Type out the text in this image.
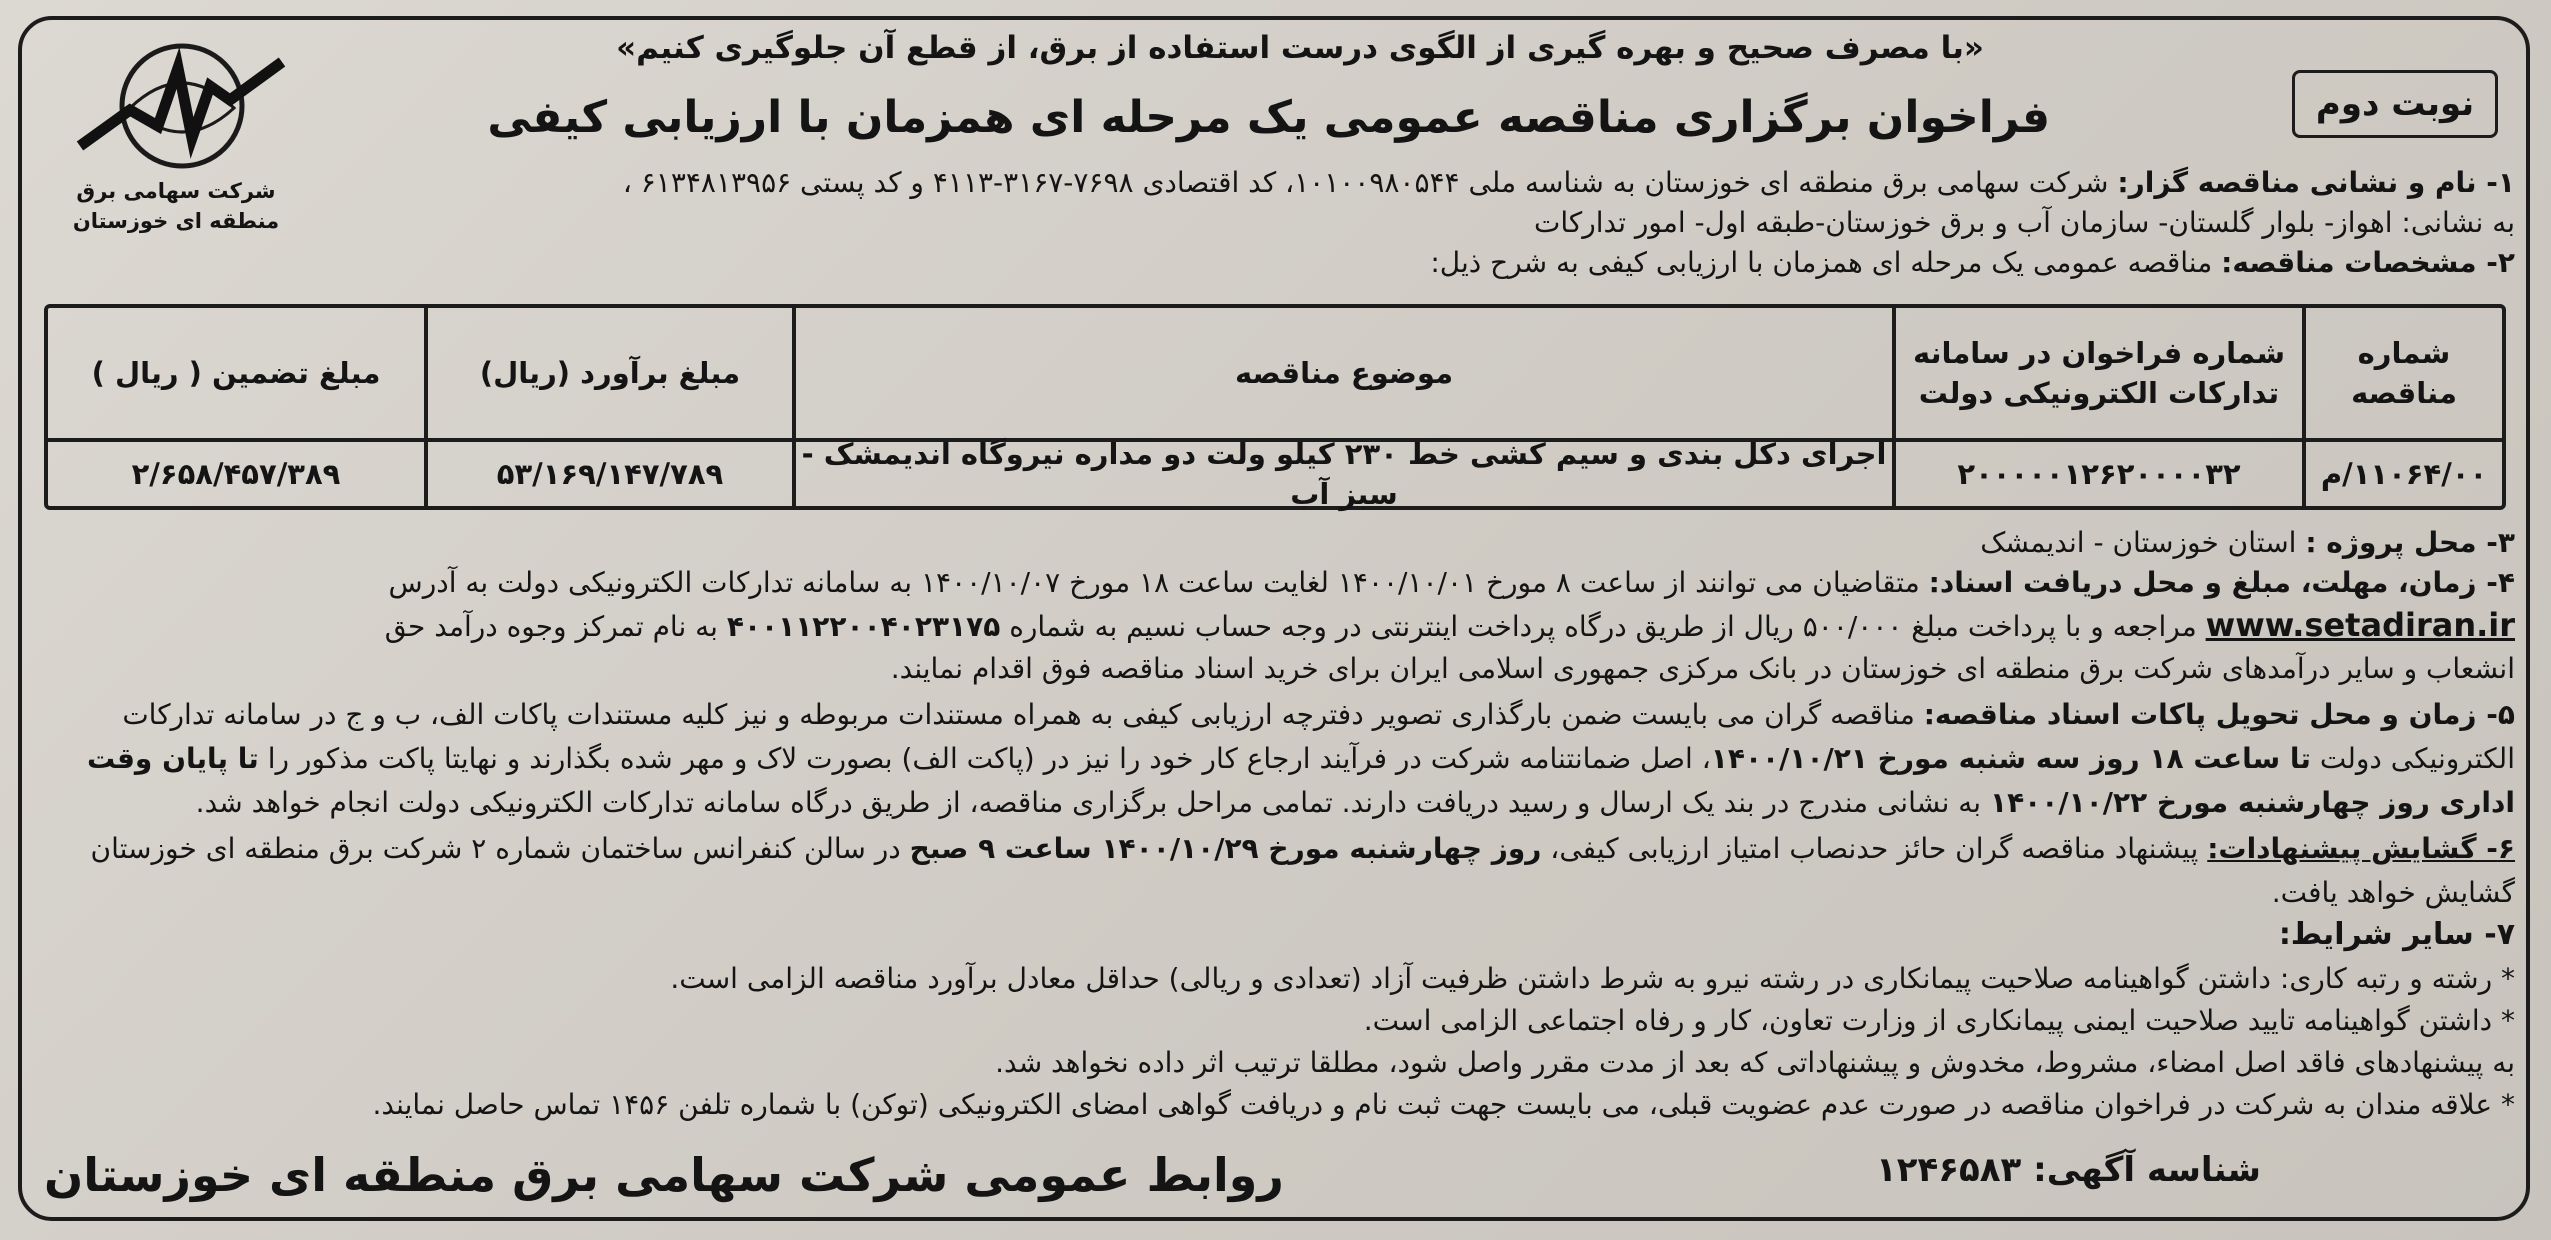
شرکت سهامی برق منطقه ای خوزستان
«با مصرف صحیح و بهره گیری از الگوی درست استفاده از برق، از قطع آن جلوگیری کنیم»
فراخوان برگزاری مناقصه عمومی یک مرحله ای همزمان با ارزیابی کیفی	نوبت دوم
۱- نام و نشانی مناقصه گزار: شرکت سهامی برق منطقه ای خوزستان به شناسه ملی ۱۰۱۰۰۹۸۰۵۴۴، کد اقتصادی ۷۶۹۸-۳۱۶۷-۴۱۱۳ و کد پستی ۶۱۳۴۸۱۳۹۵۶ ،
به نشانی: اهواز- بلوار گلستان- سازمان آب و برق خوزستان-طبقه اول- امور تدارکات
۲- مشخصات مناقصه: مناقصه عمومی یک مرحله ای همزمان با ارزیابی کیفی به شرح ذیل:
شماره مناقصه
شماره فراخوان در سامانه تدارکات الکترونیکی دولت
موضوع مناقصه
مبلغ برآورد (ریال)
مبلغ تضمین ( ریال )
۱۱۰۶۴/۰۰/م
۲۰۰۰۰۰۱۲۶۲۰۰۰۰۳۲
اجرای دکل بندی و سیم کشی خط ۲۳۰ کیلو ولت دو مداره نیروگاه اندیمشک - سبز آب
۵۳/۱۶۹/۱۴۷/۷۸۹
۲/۶۵۸/۴۵۷/۳۸۹
۳- محل پروژه : استان خوزستان - اندیمشک
۴- زمان، مهلت، مبلغ و محل دریافت اسناد: متقاضیان می توانند از ساعت ۸ مورخ ۱۴۰۰/۱۰/۰۱ لغایت ساعت ۱۸ مورخ ۱۴۰۰/۱۰/۰۷ به سامانه تدارکات الکترونیکی دولت به آدرس
www.setadiran.ir مراجعه و با پرداخت مبلغ ۵۰۰/۰۰۰ ریال از طریق درگاه پرداخت اینترنتی در وجه حساب نسیم به شماره ۴۰۰۱۱۲۲۰۰۴۰۲۳۱۷۵ به نام تمرکز وجوه درآمد حق
انشعاب و سایر درآمدهای شرکت برق منطقه ای خوزستان در بانک مرکزی جمهوری اسلامی ایران برای خرید اسناد مناقصه فوق اقدام نمایند.
۵- زمان و محل تحویل پاکات اسناد مناقصه: مناقصه گران می بایست ضمن بارگذاری تصویر دفترچه ارزیابی کیفی به همراه مستندات مربوطه و نیز کلیه مستندات پاکات الف، ب و ج در سامانه تدارکات
الکترونیکی دولت تا ساعت ۱۸ روز سه شنبه مورخ ۱۴۰۰/۱۰/۲۱، اصل ضمانتنامه شرکت در فرآیند ارجاع کار خود را نیز در (پاکت الف) بصورت لاک و مهر شده بگذارند و نهایتا پاکت مذکور را تا پایان وقت
اداری روز چهارشنبه مورخ ۱۴۰۰/۱۰/۲۲ به نشانی مندرج در بند یک ارسال و رسید دریافت دارند. تمامی مراحل برگزاری مناقصه، از طریق درگاه سامانه تدارکات الکترونیکی دولت انجام خواهد شد.
۶- گشایش پیشنهادات: پیشنهاد مناقصه گران حائز حدنصاب امتیاز ارزیابی کیفی، روز چهارشنبه مورخ ۱۴۰۰/۱۰/۲۹ ساعت ۹ صبح در سالن کنفرانس ساختمان شماره ۲ شرکت برق منطقه ای خوزستان
گشایش خواهد یافت.
۷- سایر شرایط:
* رشته و رتبه کاری: داشتن گواهینامه صلاحیت پیمانکاری در رشته نیرو به شرط داشتن ظرفیت آزاد (تعدادی و ریالی) حداقل معادل برآورد مناقصه الزامی است.
* داشتن گواهینامه تایید صلاحیت ایمنی پیمانکاری از وزارت تعاون، کار و رفاه اجتماعی الزامی است.
به پیشنهادهای فاقد اصل امضاء، مشروط، مخدوش و پیشنهاداتی که بعد از مدت مقرر واصل شود، مطلقا ترتیب اثر داده نخواهد شد.
* علاقه مندان به شرکت در فراخوان مناقصه در صورت عدم عضویت قبلی، می بایست جهت ثبت نام و دریافت گواهی امضای الکترونیکی (توکن) با شماره تلفن ۱۴۵۶ تماس حاصل نمایند.
شناسه آگهی: ۱۲۴۶۵۸۳
روابط عمومی شرکت سهامی برق منطقه ای خوزستان
